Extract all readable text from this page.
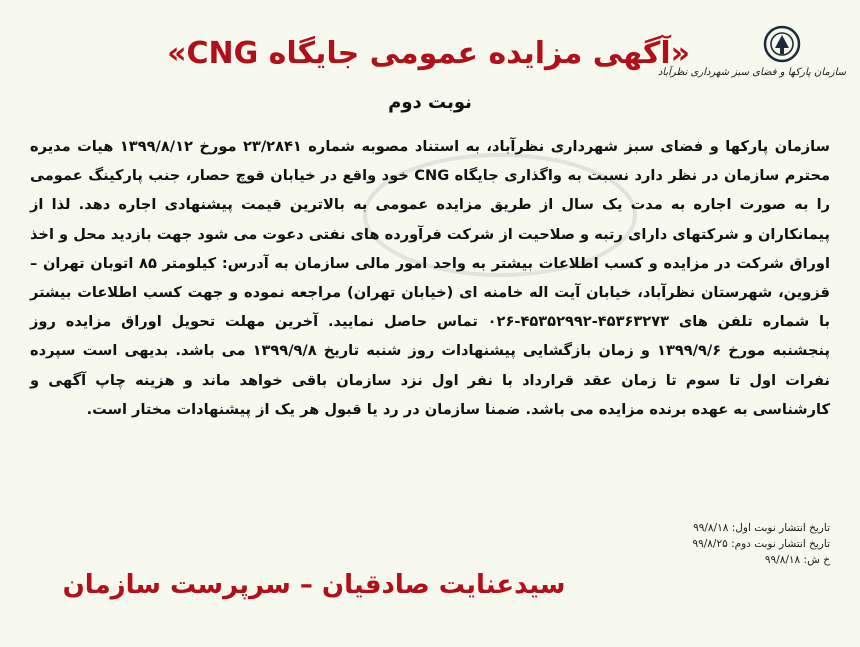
سازمان پارکها و فضای سبز شهرداری نظرآباد
«آگهی مزایده عمومی جایگاه CNG»
نوبت دوم

سازمان پارکها و فضای سبز شهرداری نظرآباد، به استناد مصوبه شماره ۲۳/۲۸۴۱ مورخ ۱۳۹۹/۸/۱۲ هیات مدیره محترم سازمان در نظر دارد نسبت به واگذاری جایگاه CNG خود واقع در خیابان قوچ حصار، جنب پارکینگ عمومی را به صورت اجاره به مدت یک سال از طریق مزایده عمومی به بالاترین قیمت پیشنهادی اجاره دهد. لذا از پیمانکاران و شرکتهای دارای رتبه و صلاحیت از شرکت فرآورده های نفتی دعوت می شود جهت بازدید محل و اخذ اوراق شرکت در مزایده و کسب اطلاعات بیشتر به واحد امور مالی سازمان به آدرس: کیلومتر ۸۵ اتوبان تهران – قزوین، شهرستان نظرآباد، خیابان آیت اله خامنه ای (خیابان تهران) مراجعه نموده و جهت کسب اطلاعات بیشتر با شماره تلفن های ۴۵۳۶۳۲۷۳-۴۵۳۵۲۹۹۲-۰۲۶ تماس حاصل نمایید. آخرین مهلت تحویل اوراق مزایده روز پنجشنبه مورخ ۱۳۹۹/۹/۶ و زمان بازگشایی پیشنهادات روز شنبه تاریخ ۱۳۹۹/۹/۸ می باشد. بدیهی است سپرده نفرات اول تا سوم تا زمان عقد قرارداد با نفر اول نزد سازمان باقی خواهد ماند و هزینه چاپ آگهی و کارشناسی به عهده برنده مزایده می باشد. ضمنا سازمان در رد یا قبول هر یک از پیشنهادات مختار است.

تاریخ انتشار نوبت اول: ۹۹/۸/۱۸
تاریخ انتشار نوبت دوم: ۹۹/۸/۲۵
خ ش: ۹۹/۸/۱۸
سیدعنایت صادقیان – سرپرست سازمان
